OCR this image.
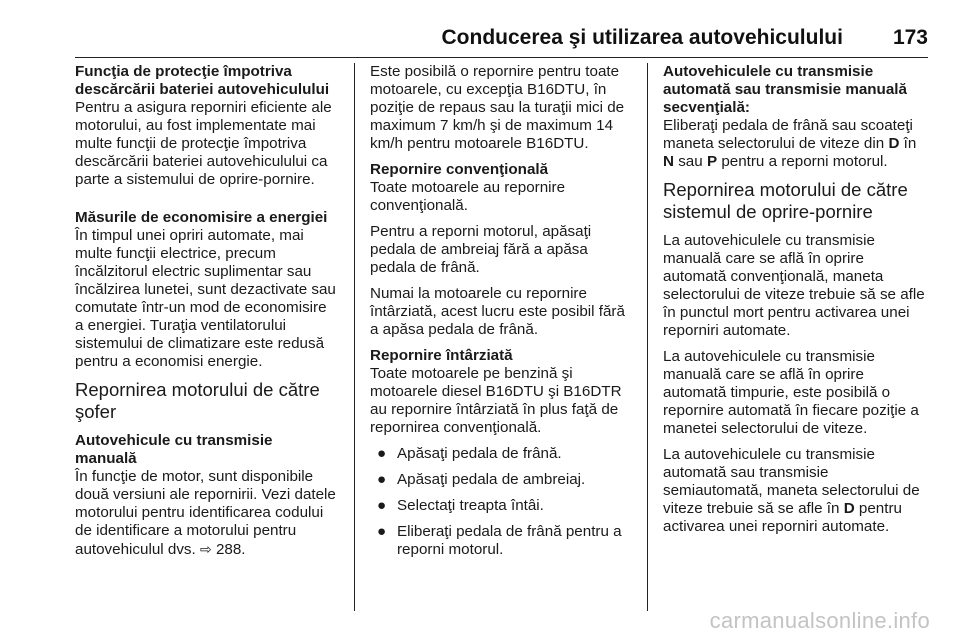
Conducerea şi utilizarea autovehiculului 173
Funcţia de protecţie împotriva descărcării bateriei autovehiculului

Pentru a asigura reporniri eficiente ale motorului, au fost implementate mai multe funcţii de protecţie împotriva descărcării bateriei autovehiculului ca parte a sistemului de oprire-pornire.

Măsurile de economisire a energiei

În timpul unei opriri automate, mai multe funcţii electrice, precum încălzitorul electric suplimentar sau încălzirea lunetei, sunt dezactivate sau comutate într-un mod de economisire a energiei. Turaţia ventilatorului sistemului de climatizare este redusă pentru a economisi energie.

Repornirea motorului de către şofer
Autovehicule cu transmisie manuală

În funcţie de motor, sunt disponibile două versiuni ale repornirii. Vezi datele motorului pentru identificarea codului de identificare a motorului pentru autovehiculul dvs. ⇨ 288.

Este posibilă o repornire pentru toate motoarele, cu excepţia B16DTU, în poziţie de repaus sau la turaţii mici de maximum 7 km/h şi de maximum 14 km/h pentru motoarele B16DTU.

Repornire convenţională

Toate motoarele au repornire convenţională.

Pentru a reporni motorul, apăsaţi pedala de ambreiaj fără a apăsa pedala de frână.

Numai la motoarele cu repornire întârziată, acest lucru este posibil fără a apăsa pedala de frână.

Repornire întârziată

Toate motoarele pe benzină şi motoarele diesel B16DTU şi B16DTR au repornire întârziată în plus faţă de repornirea convenţională.

● Apăsaţi pedala de frână.
● Apăsaţi pedala de ambreiaj.
● Selectaţi treapta întâi.
● Eliberaţi pedala de frână pentru a reporni motorul.
Autovehiculele cu transmisie automată sau transmisie manuală secvenţială:

Eliberaţi pedala de frână sau scoateţi maneta selectorului de viteze din D în N sau P pentru a reporni motorul.

Repornirea motorului de către sistemul de oprire-pornire

La autovehiculele cu transmisie manuală care se află în oprire automată convenţională, maneta selectorului de viteze trebuie să se afle în punctul mort pentru activarea unei reporniri automate.

La autovehiculele cu transmisie manuală care se află în oprire automată timpurie, este posibilă o repornire automată în fiecare poziţie a manetei selectorului de viteze.

La autovehiculele cu transmisie automată sau transmisie semiautomată, maneta selectorului de viteze trebuie să se afle în D pentru activarea unei reporniri automate.

carmanualsonline.info
